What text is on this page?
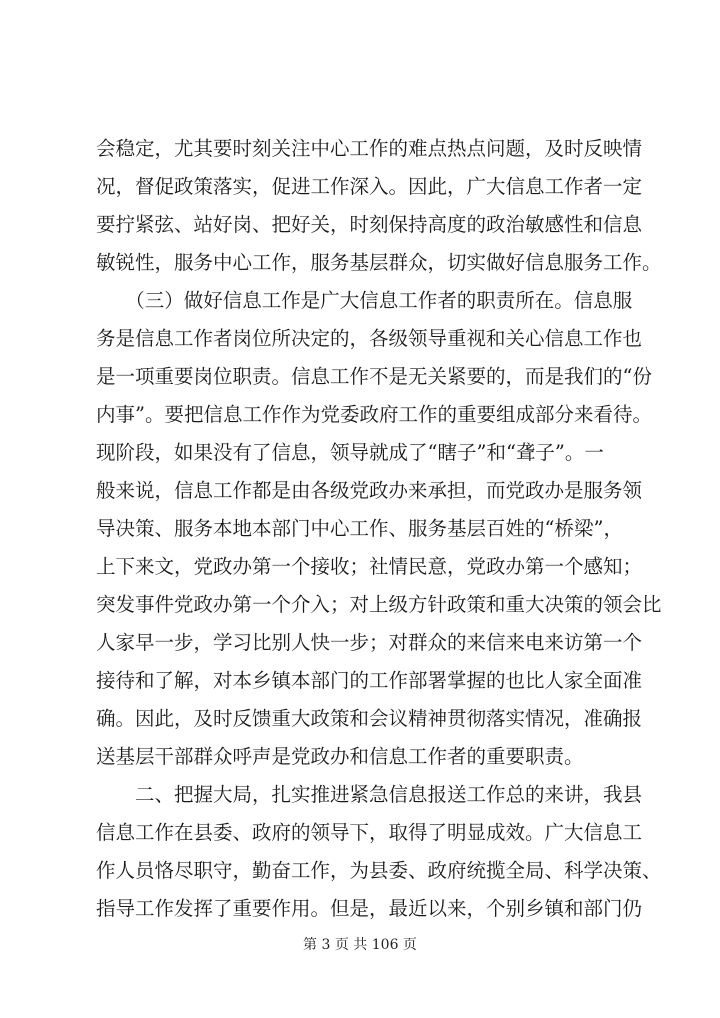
会稳定，尤其要时刻关注中心工作的难点热点问题，及时反映情
况，督促政策落实，促进工作深入。因此，广大信息工作者一定
要拧紧弦、站好岗、把好关，时刻保持高度的政治敏感性和信息
敏锐性，服务中心工作，服务基层群众，切实做好信息服务工作。
　　（三）做好信息工作是广大信息工作者的职责所在。信息服
务是信息工作者岗位所决定的，各级领导重视和关心信息工作也
是一项重要岗位职责。信息工作不是无关紧要的，而是我们的“份
内事”。要把信息工作作为党委政府工作的重要组成部分来看待。
现阶段，如果没有了信息，领导就成了“瞎子”和“聋子”。一
般来说，信息工作都是由各级党政办来承担，而党政办是服务领
导决策、服务本地本部门中心工作、服务基层百姓的“桥梁”，
上下来文，党政办第一个接收；社情民意，党政办第一个感知；
突发事件党政办第一个介入；对上级方针政策和重大决策的领会比
人家早一步，学习比别人快一步；对群众的来信来电来访第一个
接待和了解，对本乡镇本部门的工作部署掌握的也比人家全面准
确。因此，及时反馈重大政策和会议精神贯彻落实情况，准确报
送基层干部群众呼声是党政办和信息工作者的重要职责。
　　二、把握大局，扎实推进紧急信息报送工作总的来讲，我县
信息工作在县委、政府的领导下，取得了明显成效。广大信息工
作人员恪尽职守，勤奋工作，为县委、政府统揽全局、科学决策、
指导工作发挥了重要作用。但是，最近以来，个别乡镇和部门仍
第 3 页 共 106 页
